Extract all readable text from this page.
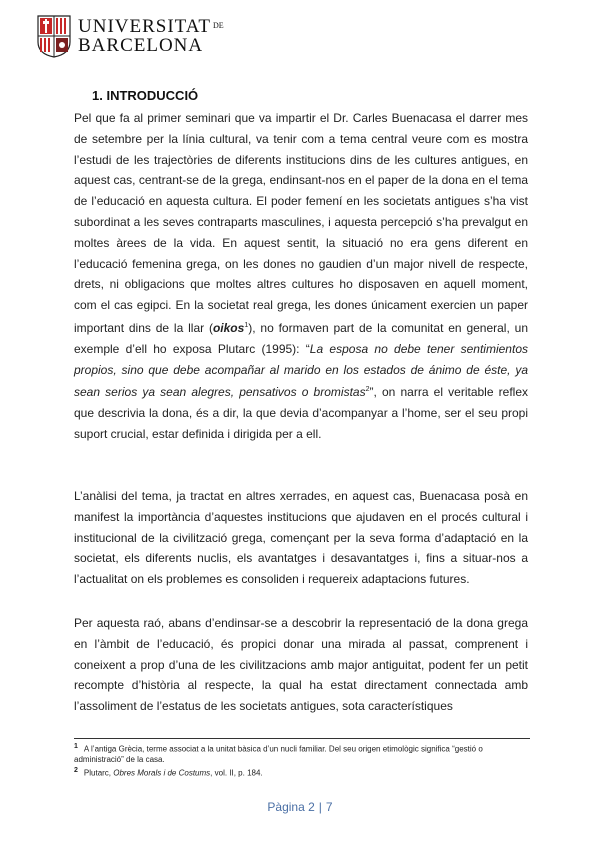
UNIVERSITAT $^{DE}$
BARCELONA
1. INTRODUCCIÓ
Pel que fa al primer seminari que va impartir el Dr. Carles Buenacasa el darrer mes de setembre per la línia cultural, va tenir com a tema central veure com es mostra l’estudi de les trajectòries de diferents institucions dins de les cultures antigues, en aquest cas, centrant-se de la grega, endinsant-nos en el paper de la dona en el tema de l’educació en aquesta cultura. El poder femení en les societats antigues s’ha vist subordinat a les seves contraparts masculines, i aquesta percepció s’ha prevalgut en moltes àrees de la vida. En aquest sentit, la situació no era gens diferent en l’educació femenina grega, on les dones no gaudien d’un major nivell de respecte, drets, ni obligacions que moltes altres cultures ho disposaven en aquell moment, com el cas egipci. En la societat real grega, les dones únicament exercien un paper important dins de la llar (oikos$^1$), no formaven part de la comunitat en general, un exemple d’ell ho exposa Plutarc (1995): “La esposa no debe tener sentimientos propios, sino que debe acompañar al marido en los estados de ánimo de éste, ya sean serios ya sean alegres, pensativos o bromistas$^2$”, on narra el veritable reflex que descrivia la dona, és a dir, la que devia d’acompanyar a l’home, ser el seu propi suport crucial, estar definida i dirigida per a ell.
L’anàlisi del tema, ja tractat en altres xerrades, en aquest cas, Buenacasa posà en manifest la importància d’aquestes institucions que ajudaven en el procés cultural i institucional de la civilització grega, començant per la seva forma d’adaptació en la societat, els diferents nuclis, els avantatges i desavantatges i, fins a situar-nos a l’actualitat on els problemes es consoliden i requereix adaptacions futures.
Per aquesta raó, abans d’endinsar-se a descobrir la representació de la dona grega en l’àmbit de l’educació, és propici donar una mirada al passat, comprenent i coneixent a prop d’una de les civilitzacions amb major antiguitat, podent fer un petit recompte d’història al respecte, la qual ha estat directament connectada amb l’assoliment de l’estatus de les societats antigues, sota característiques
$^1$ A l’antiga Grècia, terme associat a la unitat bàsica d’un nucli familiar. Del seu origen etimològic significa “gestió o administració” de la casa.
$^2$ Plutarc, Obres Morals i de Costums, vol. II, p. 184.
Pàgina 2 | 7
